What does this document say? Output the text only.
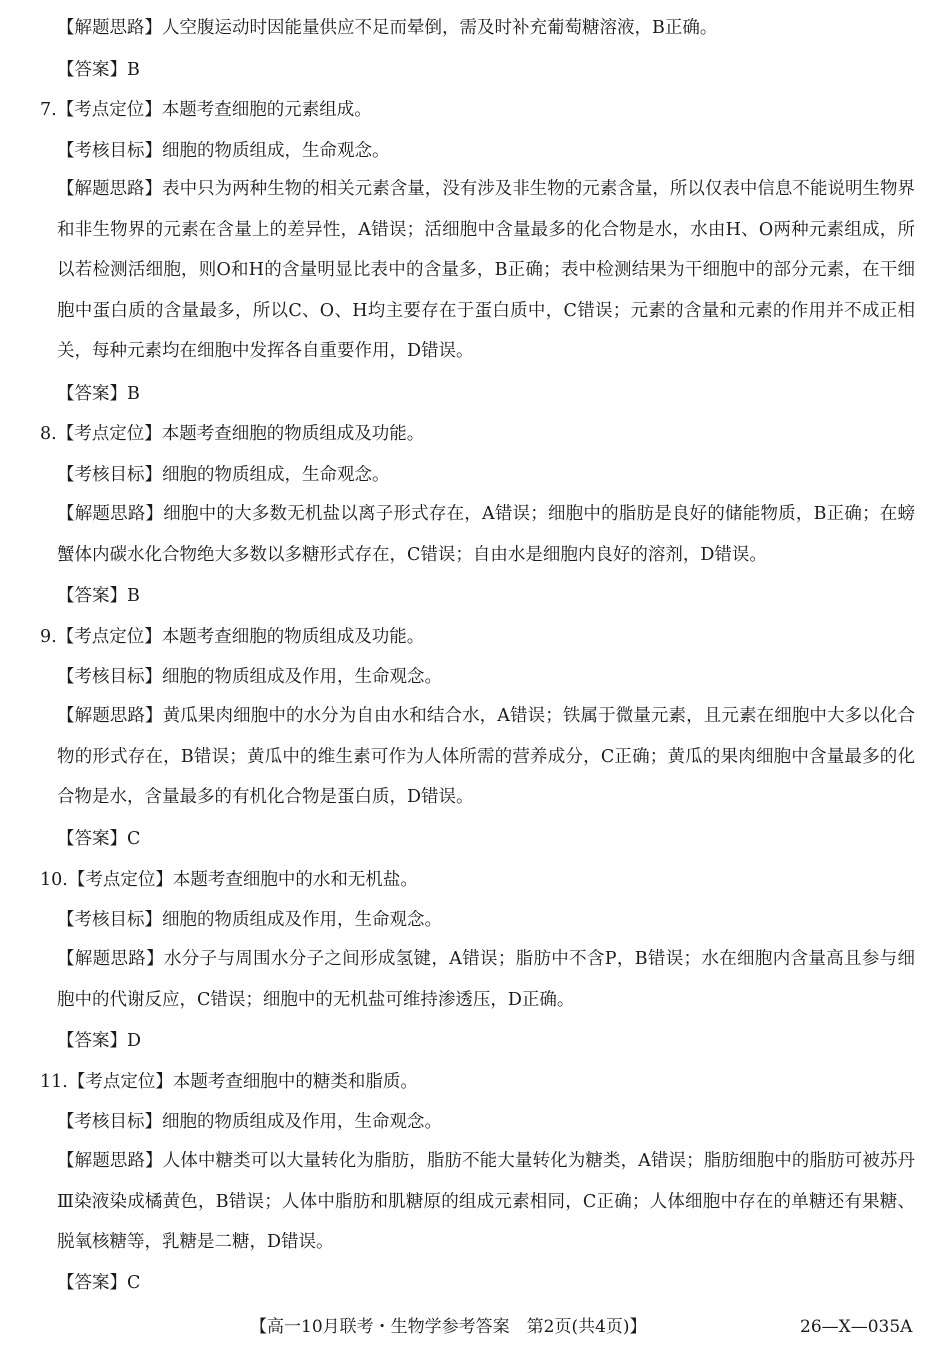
【解题思路】人空腹运动时因能量供应不足而晕倒，需及时补充葡萄糖溶液，B正确。
【答案】B
7.【考点定位】本题考查细胞的元素组成。
【考核目标】细胞的物质组成，生命观念。
【解题思路】表中只为两种生物的相关元素含量，没有涉及非生物的元素含量，所以仅表中信息不能说明生物界和非生物界的元素在含量上的差异性，A错误；活细胞中含量最多的化合物是水，水由H、O两种元素组成，所以若检测活细胞，则O和H的含量明显比表中的含量多，B正确；表中检测结果为干细胞中的部分元素，在干细胞中蛋白质的含量最多，所以C、O、H均主要存在于蛋白质中，C错误；元素的含量和元素的作用并不成正相关，每种元素均在细胞中发挥各自重要作用，D错误。
【答案】B
8.【考点定位】本题考查细胞的物质组成及功能。
【考核目标】细胞的物质组成，生命观念。
【解题思路】细胞中的大多数无机盐以离子形式存在，A错误；细胞中的脂肪是良好的储能物质，B正确；在螃蟹体内碳水化合物绝大多数以多糖形式存在，C错误；自由水是细胞内良好的溶剂，D错误。
【答案】B
9.【考点定位】本题考查细胞的物质组成及功能。
【考核目标】细胞的物质组成及作用，生命观念。
【解题思路】黄瓜果肉细胞中的水分为自由水和结合水，A错误；铁属于微量元素，且元素在细胞中大多以化合物的形式存在，B错误；黄瓜中的维生素可作为人体所需的营养成分，C正确；黄瓜的果肉细胞中含量最多的化合物是水，含量最多的有机化合物是蛋白质，D错误。
【答案】C
10.【考点定位】本题考查细胞中的水和无机盐。
【考核目标】细胞的物质组成及作用，生命观念。
【解题思路】水分子与周围水分子之间形成氢键，A错误；脂肪中不含P，B错误；水在细胞内含量高且参与细胞中的代谢反应，C错误；细胞中的无机盐可维持渗透压，D正确。
【答案】D
11.【考点定位】本题考查细胞中的糖类和脂质。
【考核目标】细胞的物质组成及作用，生命观念。
【解题思路】人体中糖类可以大量转化为脂肪，脂肪不能大量转化为糖类，A错误；脂肪细胞中的脂肪可被苏丹Ⅲ染液染成橘黄色，B错误；人体中脂肪和肌糖原的组成元素相同，C正确；人体细胞中存在的单糖还有果糖、脱氧核糖等，乳糖是二糖，D错误。
【答案】C
【高一10月联考・生物学参考答案　第2页(共4页)】	26—X—035A
